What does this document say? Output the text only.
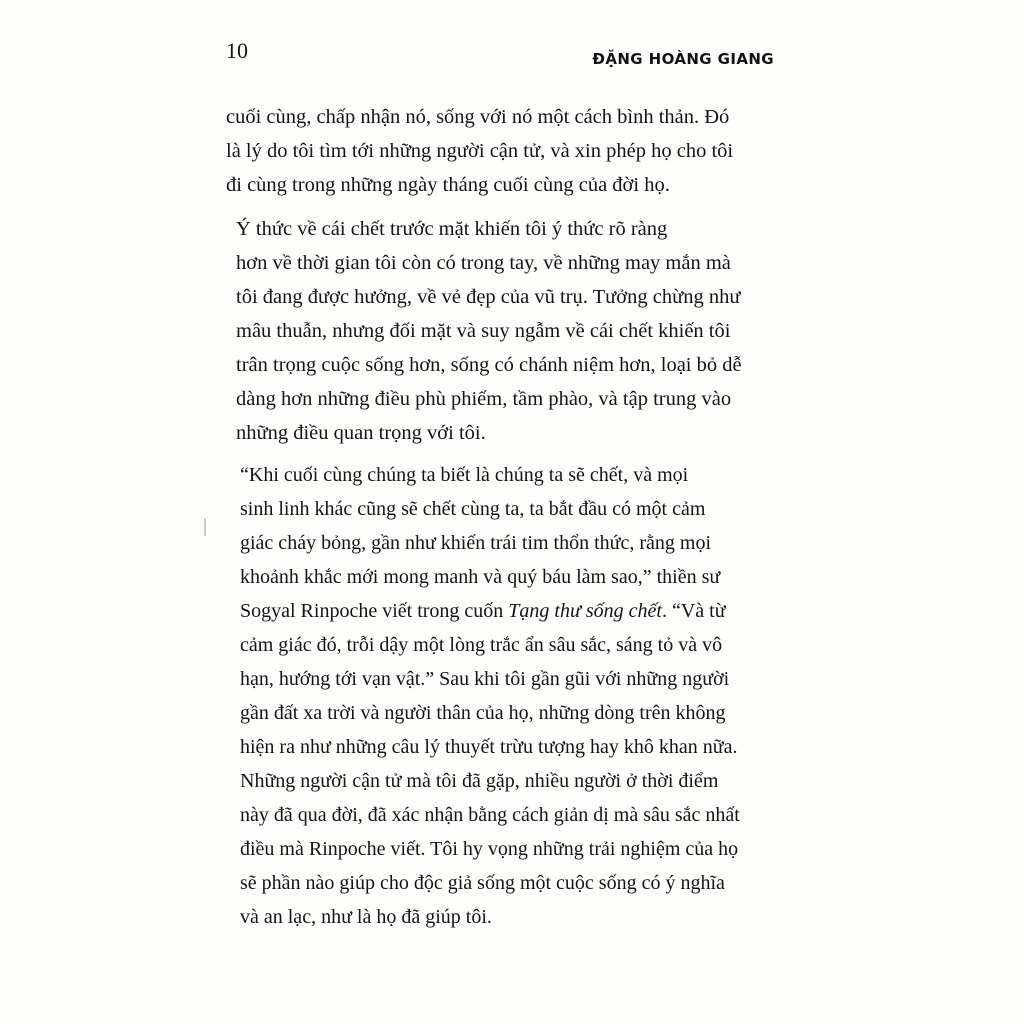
10	ĐẶNG HOÀNG GIANG

cuối cùng, chấp nhận nó, sống với nó một cách bình thản. Đó
là lý do tôi tìm tới những người cận tử, và xin phép họ cho tôi
đi cùng trong những ngày tháng cuối cùng của đời họ.

Ý thức về cái chết trước mặt khiến tôi ý thức rõ ràng
hơn về thời gian tôi còn có trong tay, về những may mắn mà
tôi đang được hưởng, về vẻ đẹp của vũ trụ. Tưởng chừng như
mâu thuẫn, nhưng đối mặt và suy ngẫm về cái chết khiến tôi
trân trọng cuộc sống hơn, sống có chánh niệm hơn, loại bỏ dễ
dàng hơn những điều phù phiếm, tầm phào, và tập trung vào
những điều quan trọng với tôi.

“Khi cuối cùng chúng ta biết là chúng ta sẽ chết, và mọi
sinh linh khác cũng sẽ chết cùng ta, ta bắt đầu có một cảm
giác cháy bỏng, gần như khiến trái tim thổn thức, rằng mọi
khoảnh khắc mới mong manh và quý báu làm sao,” thiền sư
Sogyal Rinpoche viết trong cuốn Tạng thư sống chết. “Và từ
cảm giác đó, trỗi dậy một lòng trắc ẩn sâu sắc, sáng tỏ và vô
hạn, hướng tới vạn vật.” Sau khi tôi gần gũi với những người
gần đất xa trời và người thân của họ, những dòng trên không
hiện ra như những câu lý thuyết trừu tượng hay khô khan nữa.
Những người cận tử mà tôi đã gặp, nhiều người ở thời điểm
này đã qua đời, đã xác nhận bằng cách giản dị mà sâu sắc nhất
điều mà Rinpoche viết. Tôi hy vọng những trải nghiệm của họ
sẽ phần nào giúp cho độc giả sống một cuộc sống có ý nghĩa
và an lạc, như là họ đã giúp tôi.
